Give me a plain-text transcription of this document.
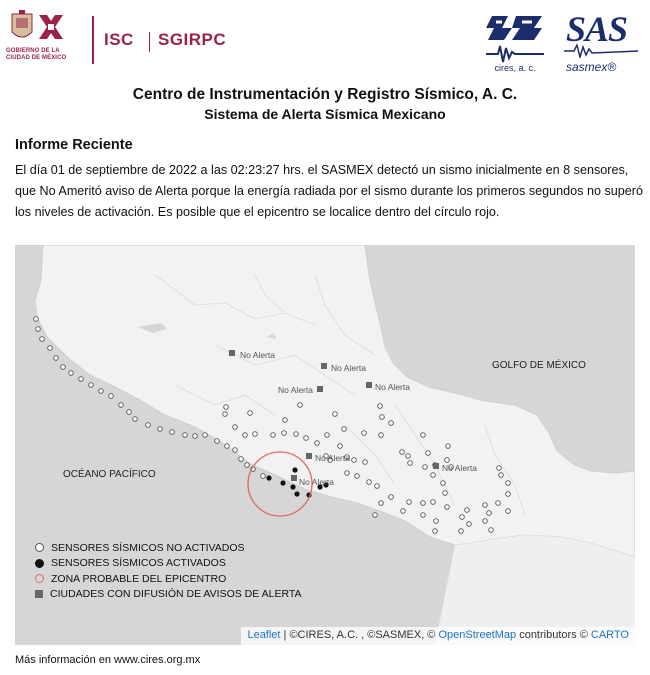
GOBIERNO DE LA CIUDAD DE MÉXICO
ISC SGIRPC
cires, a. c.
SAS
sasmex®
Centro de Instrumentación y Registro Sísmico, A. C.
Sistema de Alerta Sísmica Mexicano
Informe Reciente
El día 01 de septiembre de 2022 a las 02:23:27 hrs. el SASMEX detectó un sismo inicialmente en 8 sensores, que No Ameritó aviso de Alerta porque la energía radiada por el sismo durante los primeros segundos no superó los niveles de activación. Es posible que el epicentro se localice dentro del círculo rojo.
No Alerta
No Alerta
No Alerta
No Alerta
No Alerta
No Alerta
No Alerta
GOLFO DE MÉXICO
OCÉANO PACÍFICO
SENSORES SÍSMICOS NO ACTIVADOS
SENSORES SÍSMICOS ACTIVADOS
ZONA PROBABLE DEL EPICENTRO
CIUDADES CON DIFUSIÓN DE AVISOS DE ALERTA
Leaflet | ©CIRES, A.C. , ©SASMEX, © OpenStreetMap contributors © CARTO
Más información en www.cires.org.mx
